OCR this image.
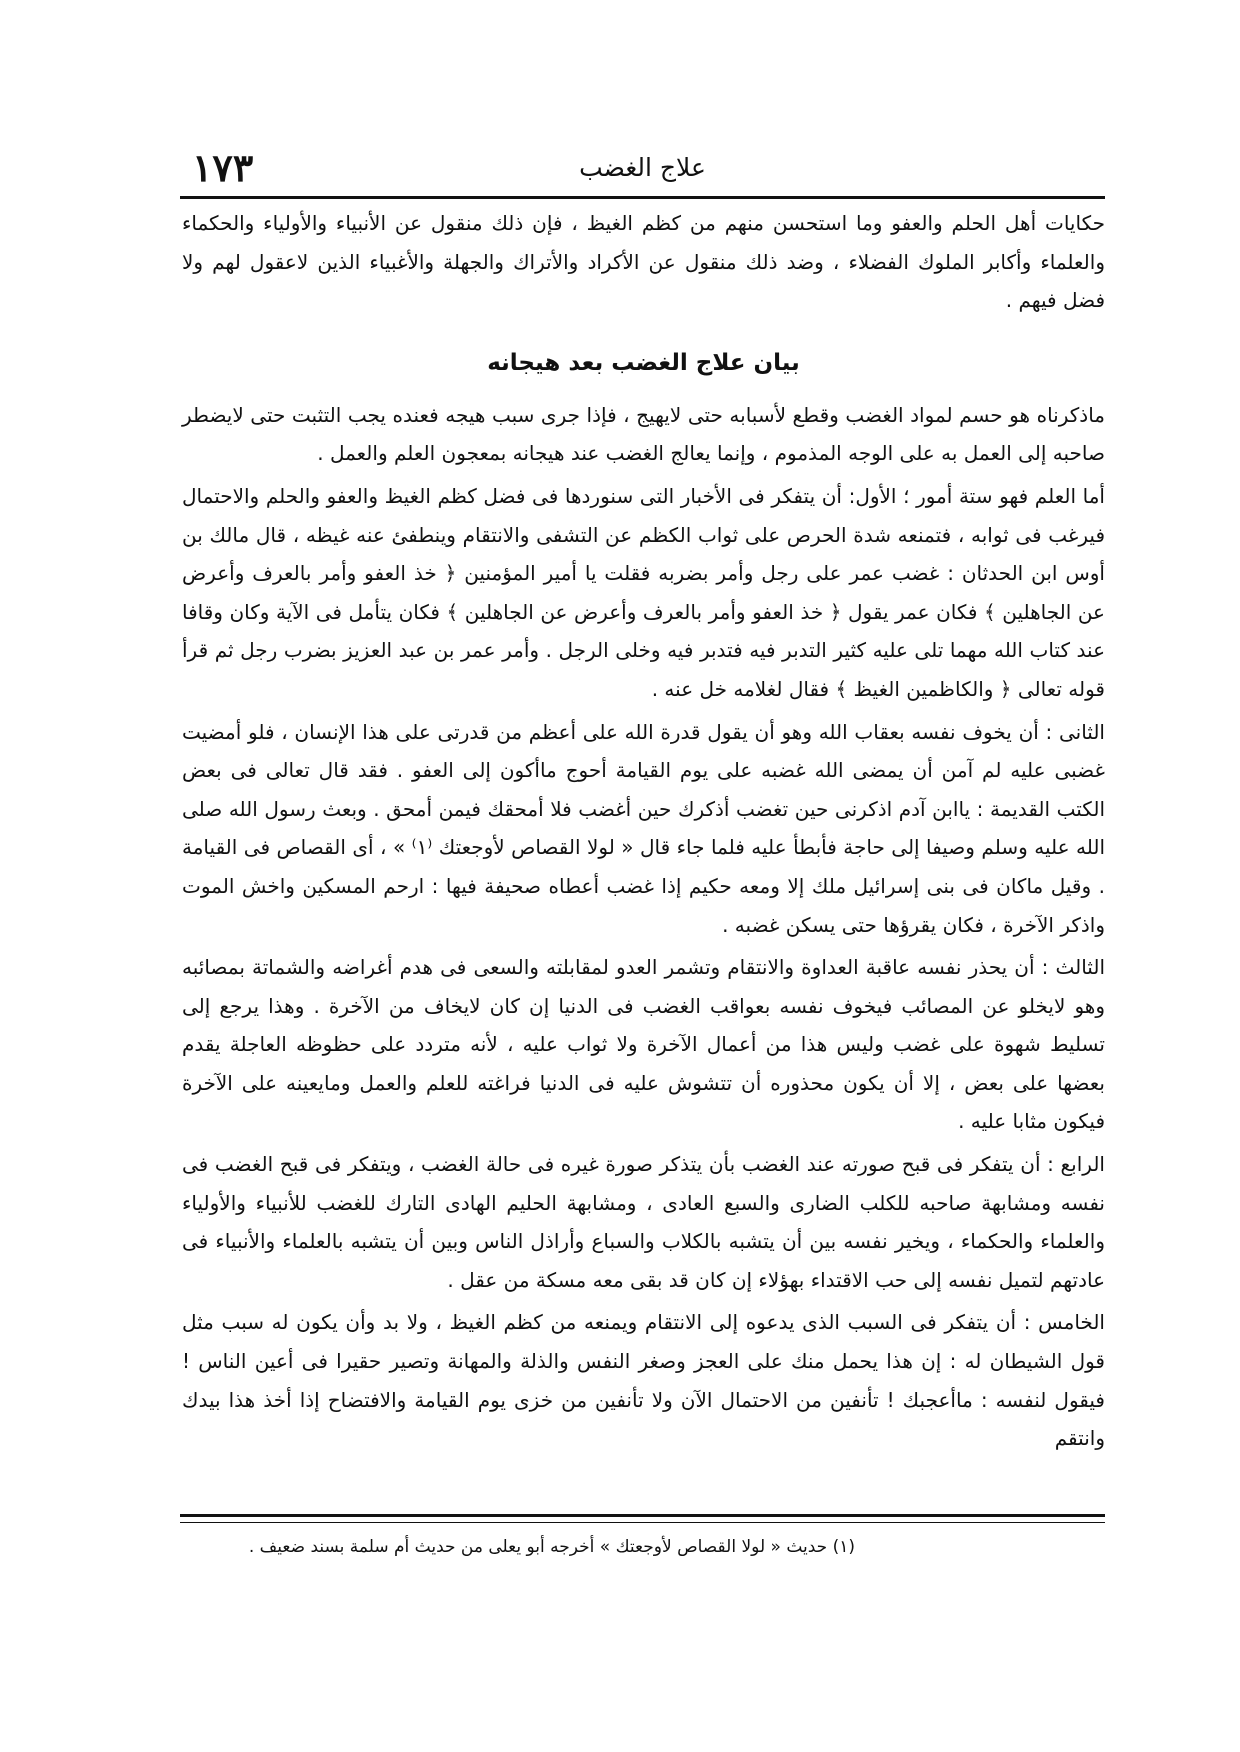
١٧٣	علاج الغضب

حكايات أهل الحلم والعفو وما استحسن منهم من كظم الغيظ ، فإن ذلك منقول عن الأنبياء والأولياء والحكماء والعلماء وأكابر الملوك الفضلاء ، وضد ذلك منقول عن الأكراد والأتراك والجهلة والأغبياء الذين لاعقول لهم ولا فضل فيهم .

بيان علاج الغضب بعد هيجانه

ماذكرناه هو حسم لمواد الغضب وقطع لأسبابه حتى لايهيج ، فإذا جرى سبب هيجه فعنده يجب التثبت حتى لايضطر صاحبه إلى العمل به على الوجه المذموم ، وإنما يعالج الغضب عند هيجانه بمعجون العلم والعمل .

أما العلم فهو ستة أمور ؛ الأول: أن يتفكر فى الأخبار التى سنوردها فى فضل كظم الغيظ والعفو والحلم والاحتمال فيرغب فى ثوابه ، فتمنعه شدة الحرص على ثواب الكظم عن التشفى والانتقام وينطفئ عنه غيظه ، قال مالك بن أوس ابن الحدثان : غضب عمر على رجل وأمر بضربه فقلت يا أمير المؤمنين ﴿ خذ العفو وأمر بالعرف وأعرض عن الجاهلين ﴾ فكان عمر يقول ﴿ خذ العفو وأمر بالعرف وأعرض عن الجاهلين ﴾ فكان يتأمل فى الآية وكان وقافا عند كتاب الله مهما تلى عليه كثير التدبر فيه فتدبر فيه وخلى الرجل . وأمر عمر بن عبد العزيز بضرب رجل ثم قرأ قوله تعالى ﴿ والكاظمين الغيظ ﴾ فقال لغلامه خل عنه .

الثانى : أن يخوف نفسه بعقاب الله وهو أن يقول قدرة الله على أعظم من قدرتى على هذا الإنسان ، فلو أمضيت غضبى عليه لم آمن أن يمضى الله غضبه على يوم القيامة أحوج ماأكون إلى العفو . فقد قال تعالى فى بعض الكتب القديمة : ياابن آدم اذكرنى حين تغضب أذكرك حين أغضب فلا أمحقك فيمن أمحق . وبعث رسول الله صلى الله عليه وسلم وصيفا إلى حاجة فأبطأ عليه فلما جاء قال « لولا القصاص لأوجعتك ⁽١⁾ » ، أى القصاص فى القيامة . وقيل ماكان فى بنى إسرائيل ملك إلا ومعه حكيم إذا غضب أعطاه صحيفة فيها : ارحم المسكين واخش الموت واذكر الآخرة ، فكان يقرؤها حتى يسكن غضبه .

الثالث : أن يحذر نفسه عاقبة العداوة والانتقام وتشمر العدو لمقابلته والسعى فى هدم أغراضه والشماتة بمصائبه وهو لايخلو عن المصائب فيخوف نفسه بعواقب الغضب فى الدنيا إن كان لايخاف من الآخرة . وهذا يرجع إلى تسليط شهوة على غضب وليس هذا من أعمال الآخرة ولا ثواب عليه ، لأنه متردد على حظوظه العاجلة يقدم بعضها على بعض ، إلا أن يكون محذوره أن تتشوش عليه فى الدنيا فراغته للعلم والعمل ومايعينه على الآخرة فيكون مثابا عليه .

الرابع : أن يتفكر فى قبح صورته عند الغضب بأن يتذكر صورة غيره فى حالة الغضب ، ويتفكر فى قبح الغضب فى نفسه ومشابهة صاحبه للكلب الضارى والسبع العادى ، ومشابهة الحليم الهادى التارك للغضب للأنبياء والأولياء والعلماء والحكماء ، ويخير نفسه بين أن يتشبه بالكلاب والسباع وأراذل الناس وبين أن يتشبه بالعلماء والأنبياء فى عادتهم لتميل نفسه إلى حب الاقتداء بهؤلاء إن كان قد بقى معه مسكة من عقل .

الخامس : أن يتفكر فى السبب الذى يدعوه إلى الانتقام ويمنعه من كظم الغيظ ، ولا بد وأن يكون له سبب مثل قول الشيطان له : إن هذا يحمل منك على العجز وصغر النفس والذلة والمهانة وتصير حقيرا فى أعين الناس ! فيقول لنفسه : ماأعجبك ! تأنفين من الاحتمال الآن ولا تأنفين من خزى يوم القيامة والافتضاح إذا أخذ هذا بيدك وانتقم

(١) حديث « لولا القصاص لأوجعتك » أخرجه أبو يعلى من حديث أم سلمة بسند ضعيف .
